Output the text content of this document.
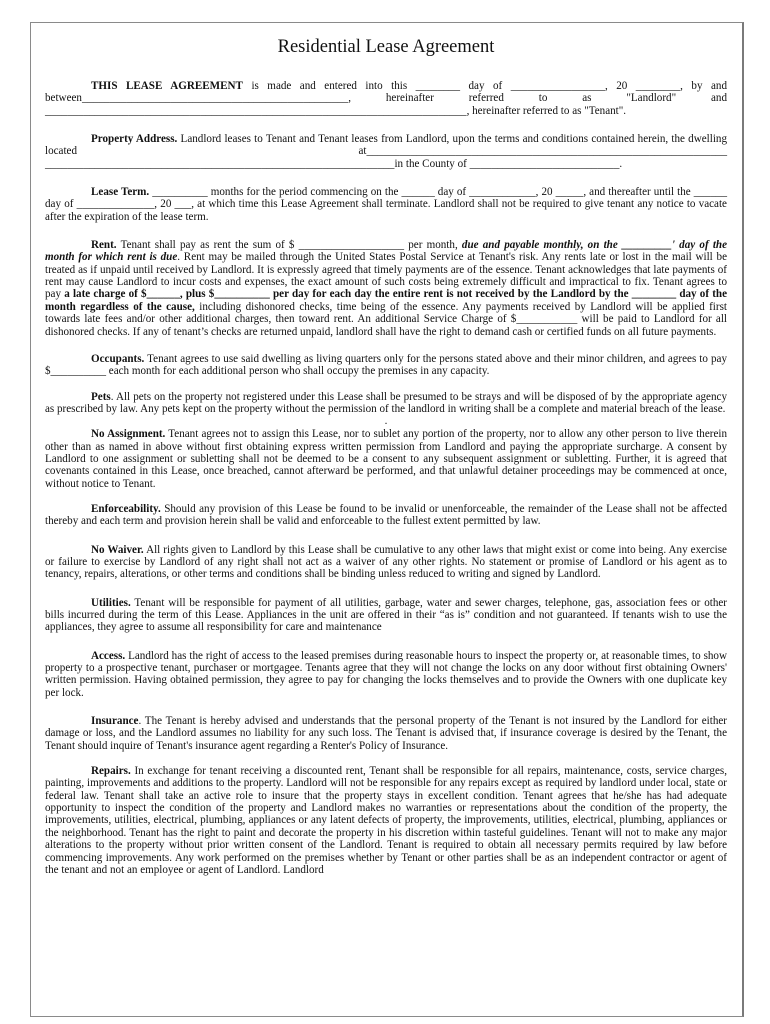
Residential Lease Agreement

THIS LEASE AGREEMENT is made and entered into this ________ day of _________________, 20 ________, by and between________________________________________________, hereinafter referred to as "Landlord" and ____________________________________________________________________________, hereinafter referred to as "Tenant".

Property Address. Landlord leases to Tenant and Tenant leases from Landlord, upon the terms and conditions contained herein, the dwelling located at_________________________________________________________________ _______________________________________________________________in the County of ___________________________.

Lease Term. __________ months for the period commencing on the ______ day of ____________, 20 _____, and thereafter until the ______ day of ______________, 20 ___, at which time this Lease Agreement shall terminate. Landlord shall not be required to give tenant any notice to vacate after the expiration of the lease term.

Rent. Tenant shall pay as rent the sum of $ ___________________ per month, due and payable monthly, on the _________' day of the month for which rent is due. Rent may be mailed through the United States Postal Service at Tenant's risk. Any rents late or lost in the mail will be treated as if unpaid until received by Landlord. It is expressly agreed that timely payments are of the essence. Tenant acknowledges that late payments of rent may cause Landlord to incur costs and expenses, the exact amount of such costs being extremely difficult and impractical to fix. Tenant agrees to pay a late charge of $______, plus $__________ per day for each day the entire rent is not received by the Landlord by the ________ day of the month regardless of the cause, including dishonored checks, time being of the essence. Any payments received by Landlord will be applied first towards late fees and/or other additional charges, then toward rent. An additional Service Charge of $___________ will be paid to Landlord for all dishonored checks. If any of tenant’s checks are returned unpaid, landlord shall have the right to demand cash or certified funds on all future payments.

Occupants. Tenant agrees to use said dwelling as living quarters only for the persons stated above and their minor children, and agrees to pay $__________ each month for each additional person who shall occupy the premises in any capacity.

Pets. All pets on the property not registered under this Lease shall be presumed to be strays and will be disposed of by the appropriate agency as prescribed by law. Any pets kept on the property without the permission of the landlord in writing shall be a complete and material breach of the lease.

.

No Assignment. Tenant agrees not to assign this Lease, nor to sublet any portion of the property, nor to allow any other person to live therein other than as named in above without first obtaining express written permission from Landlord and paying the appropriate surcharge. A consent by Landlord to one assignment or subletting shall not be deemed to be a consent to any subsequent assignment or subletting. Further, it is agreed that covenants contained in this Lease, once breached, cannot afterward be performed, and that unlawful detainer proceedings may be commenced at once, without notice to Tenant.

Enforceability. Should any provision of this Lease be found to be invalid or unenforceable, the remainder of the Lease shall not be affected thereby and each term and provision herein shall be valid and enforceable to the fullest extent permitted by law.

No Waiver. All rights given to Landlord by this Lease shall be cumulative to any other laws that might exist or come into being. Any exercise or failure to exercise by Landlord of any right shall not act as a waiver of any other rights. No statement or promise of Landlord or his agent as to tenancy, repairs, alterations, or other terms and conditions shall be binding unless reduced to writing and signed by Landlord.

Utilities. Tenant will be responsible for payment of all utilities, garbage, water and sewer charges, telephone, gas, association fees or other bills incurred during the term of this Lease. Appliances in the unit are offered in their “as is” condition and not guaranteed. If tenants wish to use the appliances, they agree to assume all responsibility for care and maintenance

Access. Landlord has the right of access to the leased premises during reasonable hours to inspect the property or, at reasonable times, to show property to a prospective tenant, purchaser or mortgagee. Tenants agree that they will not change the locks on any door without first obtaining Owners' written permission. Having obtained permission, they agree to pay for changing the locks themselves and to provide the Owners with one duplicate key per lock.

Insurance. The Tenant is hereby advised and understands that the personal property of the Tenant is not insured by the Landlord for either damage or loss, and the Landlord assumes no liability for any such loss. The Tenant is advised that, if insurance coverage is desired by the Tenant, the Tenant should inquire of Tenant's insurance agent regarding a Renter's Policy of Insurance.

Repairs. In exchange for tenant receiving a discounted rent, Tenant shall be responsible for all repairs, maintenance, costs, service charges, painting, improvements and additions to the property. Landlord will not be responsible for any repairs except as required by landlord under local, state or federal law. Tenant shall take an active role to insure that the property stays in excellent condition. Tenant agrees that he/she has had adequate opportunity to inspect the condition of the property and Landlord makes no warranties or representations about the condition of the property, the improvements, utilities, electrical, plumbing, appliances or any latent defects of property, the improvements, utilities, electrical, plumbing, appliances or the neighborhood. Tenant has the right to paint and decorate the property in his discretion within tasteful guidelines. Tenant will not to make any major alterations to the property without prior written consent of the Landlord. Tenant is required to obtain all necessary permits required by law before commencing improvements. Any work performed on the premises whether by Tenant or other parties shall be as an independent contractor or agent of the tenant and not an employee or agent of Landlord. Landlord
